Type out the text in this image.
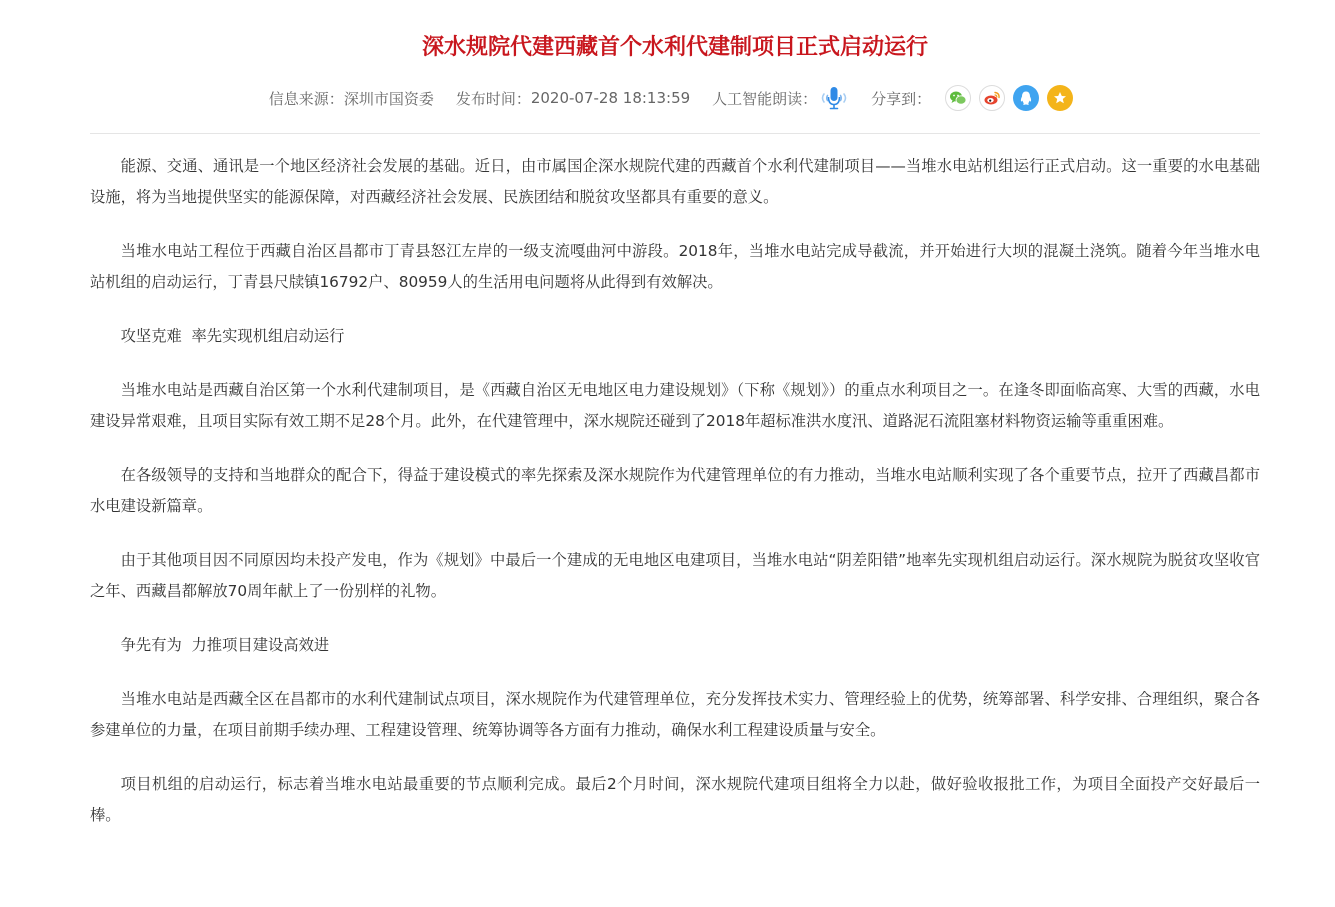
深水规院代建西藏首个水利代建制项目正式启动运行
信息来源： 深圳市国资委 发布时间： 2020-07-28 18:13:59 人工智能朗读：	分享到：

能源、交通、通讯是一个地区经济社会发展的基础。近日，由市属国企深水规院代建的西藏首个水利代建制项目——当堆水电站机组运行正式启动。这一重要的水电基础设施，将为当地提供坚实的能源保障，对西藏经济社会发展、民族团结和脱贫攻坚都具有重要的意义。

当堆水电站工程位于西藏自治区昌都市丁青县怒江左岸的一级支流嘎曲河中游段。2018年，当堆水电站完成导截流，并开始进行大坝的混凝土浇筑。随着今年当堆水电站机组的启动运行，丁青县尺牍镇16792户、80959人的生活用电问题将从此得到有效解决。

攻坚克难  率先实现机组启动运行

当堆水电站是西藏自治区第一个水利代建制项目，是《西藏自治区无电地区电力建设规划》（下称《规划》）的重点水利项目之一。在逢冬即面临高寒、大雪的西藏，水电建设异常艰难，且项目实际有效工期不足28个月。此外，在代建管理中，深水规院还碰到了2018年超标准洪水度汛、道路泥石流阻塞材料物资运输等重重困难。

在各级领导的支持和当地群众的配合下，得益于建设模式的率先探索及深水规院作为代建管理单位的有力推动，当堆水电站顺利实现了各个重要节点，拉开了西藏昌都市水电建设新篇章。

由于其他项目因不同原因均未投产发电，作为《规划》中最后一个建成的无电地区电建项目，当堆水电站“阴差阳错”地率先实现机组启动运行。深水规院为脱贫攻坚收官之年、西藏昌都解放70周年献上了一份别样的礼物。

争先有为  力推项目建设高效进

当堆水电站是西藏全区在昌都市的水利代建制试点项目，深水规院作为代建管理单位，充分发挥技术实力、管理经验上的优势，统筹部署、科学安排、合理组织，聚合各参建单位的力量，在项目前期手续办理、工程建设管理、统筹协调等各方面有力推动，确保水利工程建设质量与安全。

项目机组的启动运行，标志着当堆水电站最重要的节点顺利完成。最后2个月时间，深水规院代建项目组将全力以赴，做好验收报批工作，为项目全面投产交好最后一棒。
